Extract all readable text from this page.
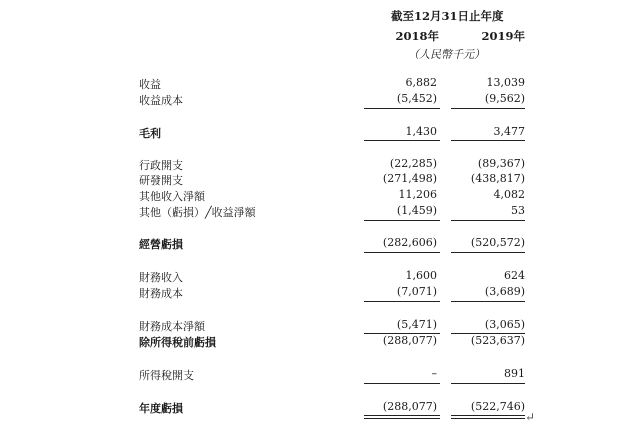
截至12月31日止年度
2018年	2019年
（人民幣千元）
收益	6,882	13,039
收益成本	(5,452)	(9,562)
毛利	1,430	3,477
行政開支	(22,285)	(89,367)
研發開支	(271,498)	(438,817)
其他收入淨額	11,206	4,082
其他（虧損）╱收益淨額	(1,459)	53
經營虧損	(282,606)	(520,572)
財務收入	1,600	624
財務成本	(7,071)	(3,689)
財務成本淨額	(5,471)	(3,065)
除所得稅前虧損	(288,077)	(523,637)
所得稅開支	–	891
年度虧損	(288,077)	(522,746)
↵
